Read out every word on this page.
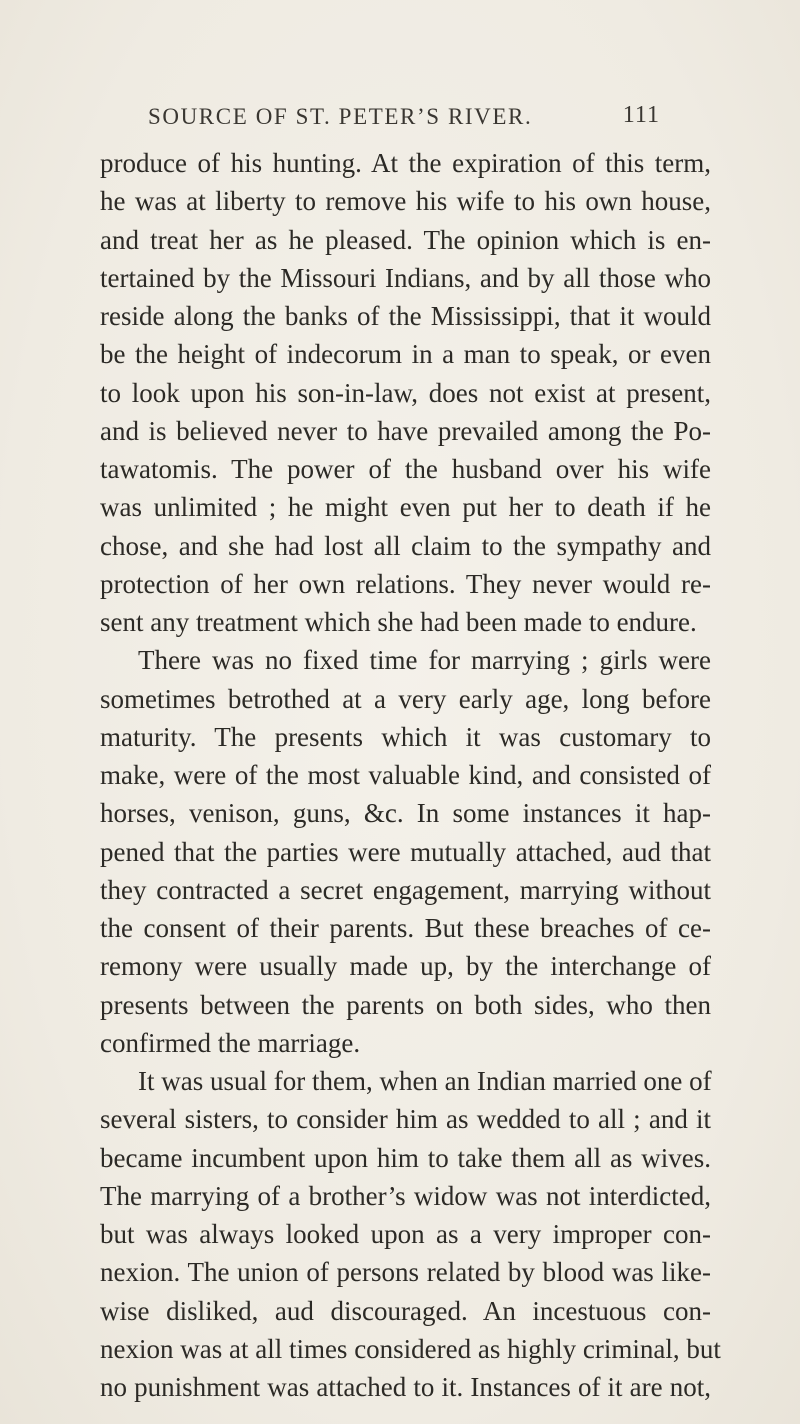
SOURCE OF ST. PETER’S RIVER.	111
produce of his hunting. At the expiration of this term,
he was at liberty to remove his wife to his own house,
and treat her as he pleased. The opinion which is en-
tertained by the Missouri Indians, and by all those who
reside along the banks of the Mississippi, that it would
be the height of indecorum in a man to speak, or even
to look upon his son-in-law, does not exist at present,
and is believed never to have prevailed among the Po-
tawatomis. The power of the husband over his wife
was unlimited ; he might even put her to death if he
chose, and she had lost all claim to the sympathy and
protection of her own relations. They never would re-
sent any treatment which she had been made to endure.
There was no fixed time for marrying ; girls were
sometimes betrothed at a very early age, long before
maturity. The presents which it was customary to
make, were of the most valuable kind, and consisted of
horses, venison, guns, &c. In some instances it hap-
pened that the parties were mutually attached, aud that
they contracted a secret engagement, marrying without
the consent of their parents. But these breaches of ce-
remony were usually made up, by the interchange of
presents between the parents on both sides, who then
confirmed the marriage.
It was usual for them, when an Indian married one of
several sisters, to consider him as wedded to all ; and it
became incumbent upon him to take them all as wives.
The marrying of a brother’s widow was not interdicted,
but was always looked upon as a very improper con-
nexion. The union of persons related by blood was like-
wise disliked, aud discouraged. An incestuous con-
nexion was at all times considered as highly criminal, but
no punishment was attached to it. Instances of it are not,
